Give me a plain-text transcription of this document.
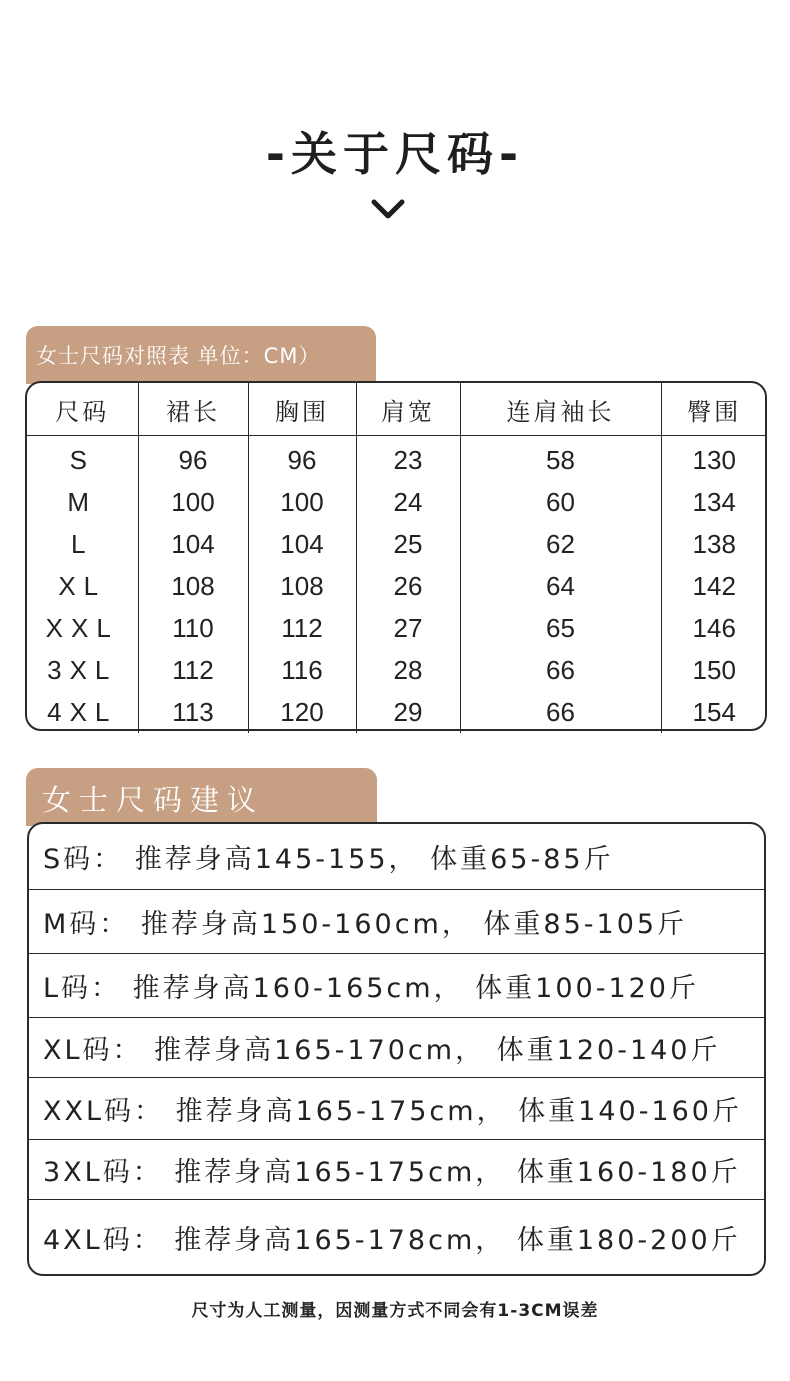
-关于尺码-
女士尺码对照表 单位：CM）
尺码	裙长	胸围	肩宽	连肩袖长	臀围
S	96	96	23	58	130
M	100	100	24	60	134
L	104	104	25	62	138
XL	108	108	26	64	142
XXL	110	112	27	65	146
3XL	112	116	28	66	150
4XL	113	120	29	66	154
女士尺码建议
S码： 推荐身高145-155， 体重65-85斤
M码： 推荐身高150-160cm， 体重85-105斤
L码： 推荐身高160-165cm， 体重100-120斤
XL码： 推荐身高165-170cm， 体重120-140斤
XXL码： 推荐身高165-175cm， 体重140-160斤
3XL码： 推荐身高165-175cm， 体重160-180斤
4XL码： 推荐身高165-178cm， 体重180-200斤
尺寸为人工测量，因测量方式不同会有1-3CM误差
